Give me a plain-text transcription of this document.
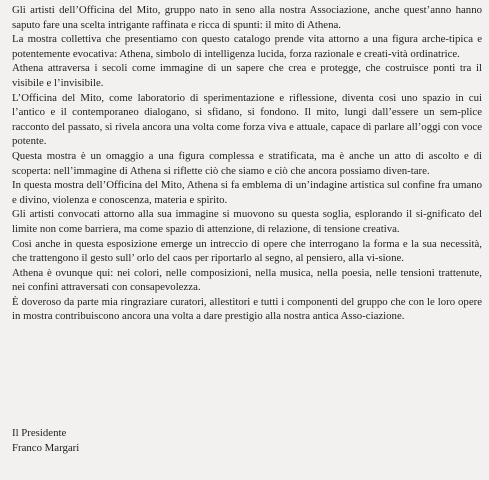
Gli artisti dell’Officina del Mito, gruppo nato in seno alla nostra Associazione, anche quest’anno hanno saputo fare una scelta intrigante raffinata e ricca di spunti: il mito di Athena.

La mostra collettiva che presentiamo con questo catalogo prende vita attorno a una figura arche-tipica e potentemente evocativa: Athena, simbolo di intelligenza lucida, forza razionale e creati-vità ordinatrice.

Athena attraversa i secoli come immagine di un sapere che crea e protegge, che costruisce ponti tra il visibile e l’invisibile.

L’Officina del Mito, come laboratorio di sperimentazione e riflessione, diventa così uno spazio in cui l’antico e il contemporaneo dialogano, si sfidano, si fondono. Il mito, lungi dall’essere un sem-plice racconto del passato, si rivela ancora una volta come forza viva e attuale, capace di parlare all’oggi con voce potente.

Questa mostra è un omaggio a una figura complessa e stratificata, ma è anche un atto di ascolto e di scoperta: nell’immagine di Athena si riflette ciò che siamo e ciò che ancora possiamo diven-tare.

In questa mostra dell’Officina del Mito, Athena si fa emblema di un’indagine artistica sul confine fra umano e divino, violenza e conoscenza, materia e spirito.

Gli artisti convocati attorno alla sua immagine si muovono su questa soglia, esplorando il si-gnificato del limite non come barriera, ma come spazio di attenzione, di relazione, di tensione creativa.

Così anche in questa esposizione emerge un intreccio di opere che interrogano la forma e la sua necessità, che trattengono il gesto sull’ orlo del caos per riportarlo al segno, al pensiero, alla vi-sione.

Athena è ovunque qui: nei colori, nelle composizioni, nella musica, nella poesia, nelle tensioni trattenute, nei confini attraversati con consapevolezza.

È doveroso da parte mia ringraziare curatori, allestitori e tutti i componenti del gruppo che con le loro opere in mostra contribuiscono ancora una volta a dare prestigio alla nostra antica Asso-ciazione.

Il Presidente

Franco Margari
